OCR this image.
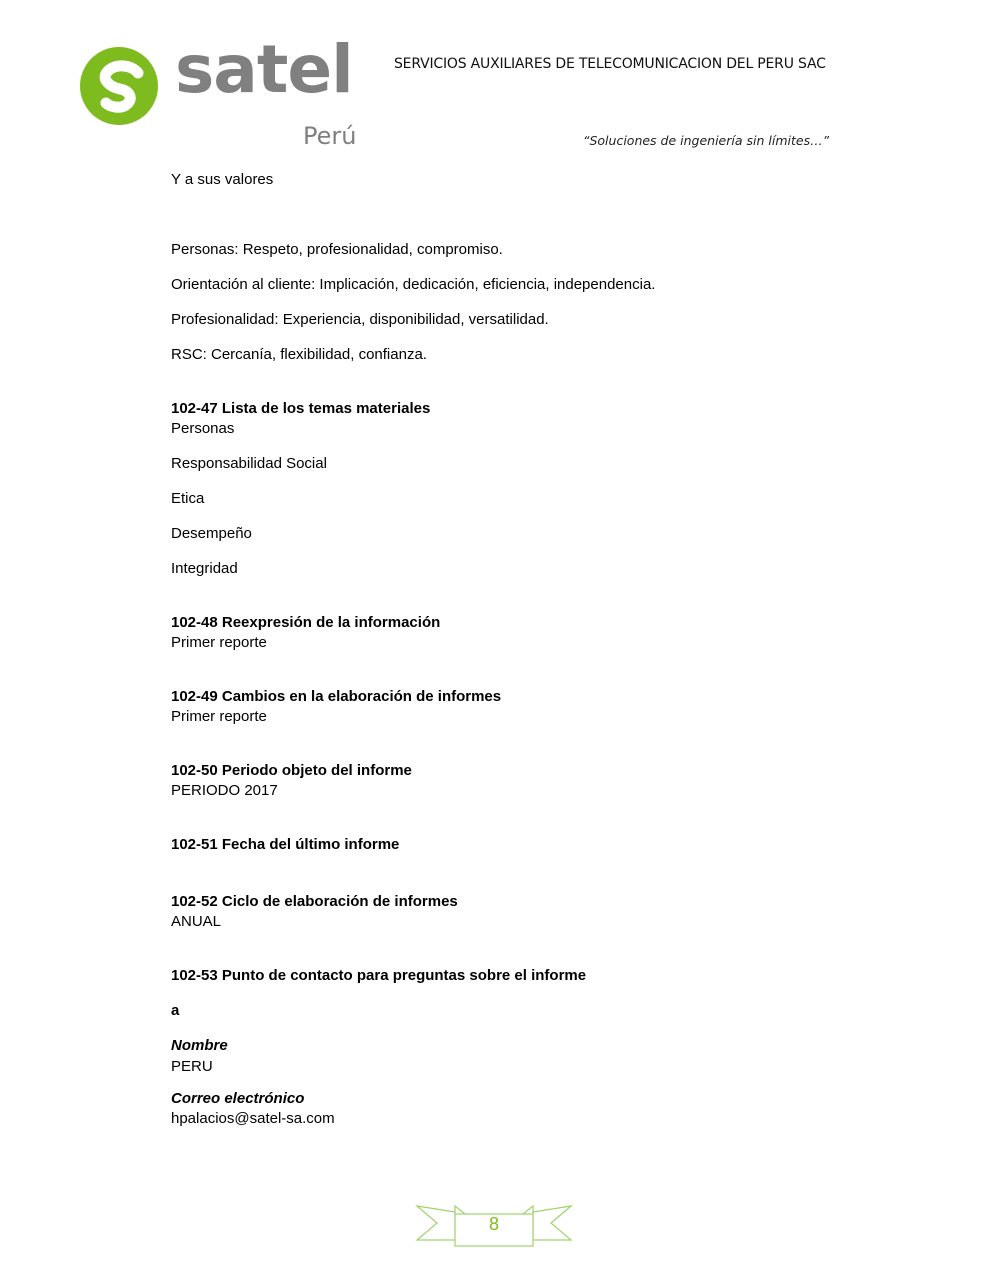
satel
Perú
SERVICIOS AUXILIARES DE TELECOMUNICACION DEL PERU SAC
“Soluciones de ingeniería sin límites…”
Y a sus valores
Personas: Respeto, profesionalidad, compromiso.
Orientación al cliente: Implicación, dedicación, eficiencia, independencia.
Profesionalidad: Experiencia, disponibilidad, versatilidad.
RSC: Cercanía, flexibilidad, confianza.
102-47 Lista de los temas materiales
Personas
Responsabilidad Social
Etica
Desempeño
Integridad
102-48 Reexpresión de la información
Primer reporte
102-49 Cambios en la elaboración de informes
Primer reporte
102-50 Periodo objeto del informe
PERIODO 2017
102-51 Fecha del último informe
102-52 Ciclo de elaboración de informes
ANUAL
102-53 Punto de contacto para preguntas sobre el informe
a
Nombre
PERU
Correo electrónico
hpalacios@satel-sa.com
8
